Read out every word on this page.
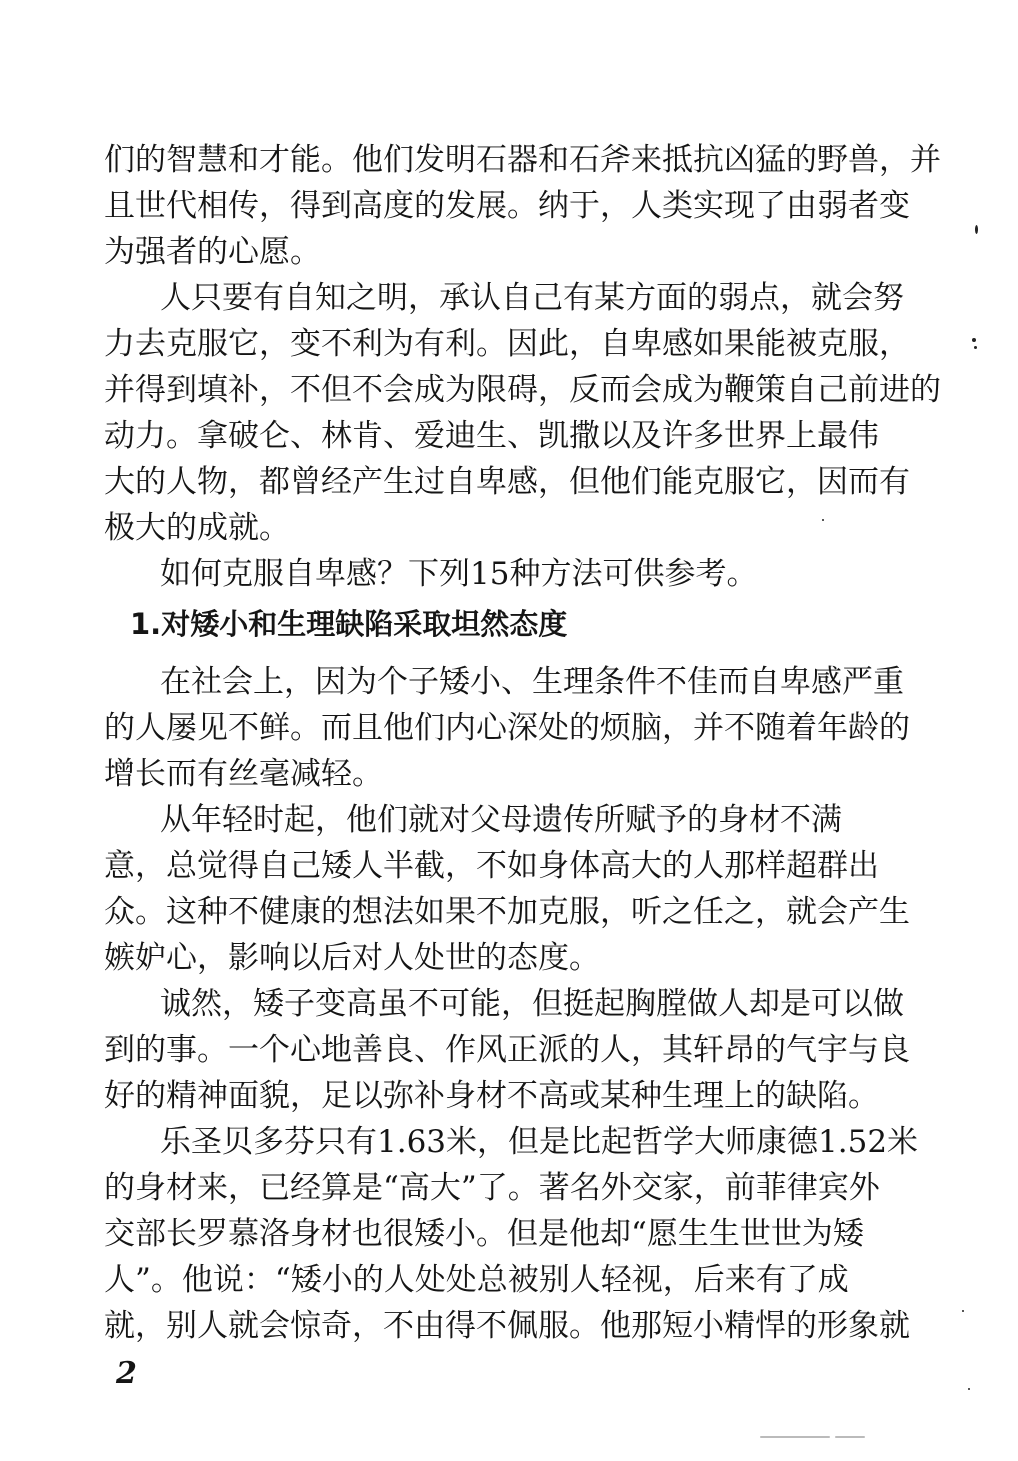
们的智慧和才能。他们发明石器和石斧来抵抗凶猛的野兽，并
且世代相传，得到高度的发展。纳于，人类实现了由弱者变
为强者的心愿。
人只要有自知之明，承认自己有某方面的弱点，就会努
力去克服它，变不利为有利。因此，自卑感如果能被克服，
并得到填补，不但不会成为限碍，反而会成为鞭策自己前进的
动力。拿破仑、林肯、爱迪生、凯撒以及许多世界上最伟
大的人物，都曾经产生过自卑感，但他们能克服它，因而有
极大的成就。
如何克服自卑感？下列15种方法可供参考。
1.对矮小和生理缺陷采取坦然态度
在社会上，因为个子矮小、生理条件不佳而自卑感严重
的人屡见不鲜。而且他们内心深处的烦脑，并不随着年龄的
增长而有丝毫减轻。
从年轻时起，他们就对父母遗传所赋予的身材不满
意，总觉得自己矮人半截，不如身体高大的人那样超群出
众。这种不健康的想法如果不加克服，听之任之，就会产生
嫉妒心，影响以后对人处世的态度。
诚然，矮子变高虽不可能，但挺起胸膛做人却是可以做
到的事。一个心地善良、作风正派的人，其轩昂的气宇与良
好的精神面貌，足以弥补身材不高或某种生理上的缺陷。
乐圣贝多芬只有1.63米，但是比起哲学大师康德1.52米
的身材来，已经算是“高大”了。著名外交家，前菲律宾外
交部长罗慕洛身材也很矮小。但是他却“愿生生世世为矮
人”。他说：“矮小的人处处总被别人轻视，后来有了成
就，别人就会惊奇，不由得不佩服。他那短小精悍的形象就
2
